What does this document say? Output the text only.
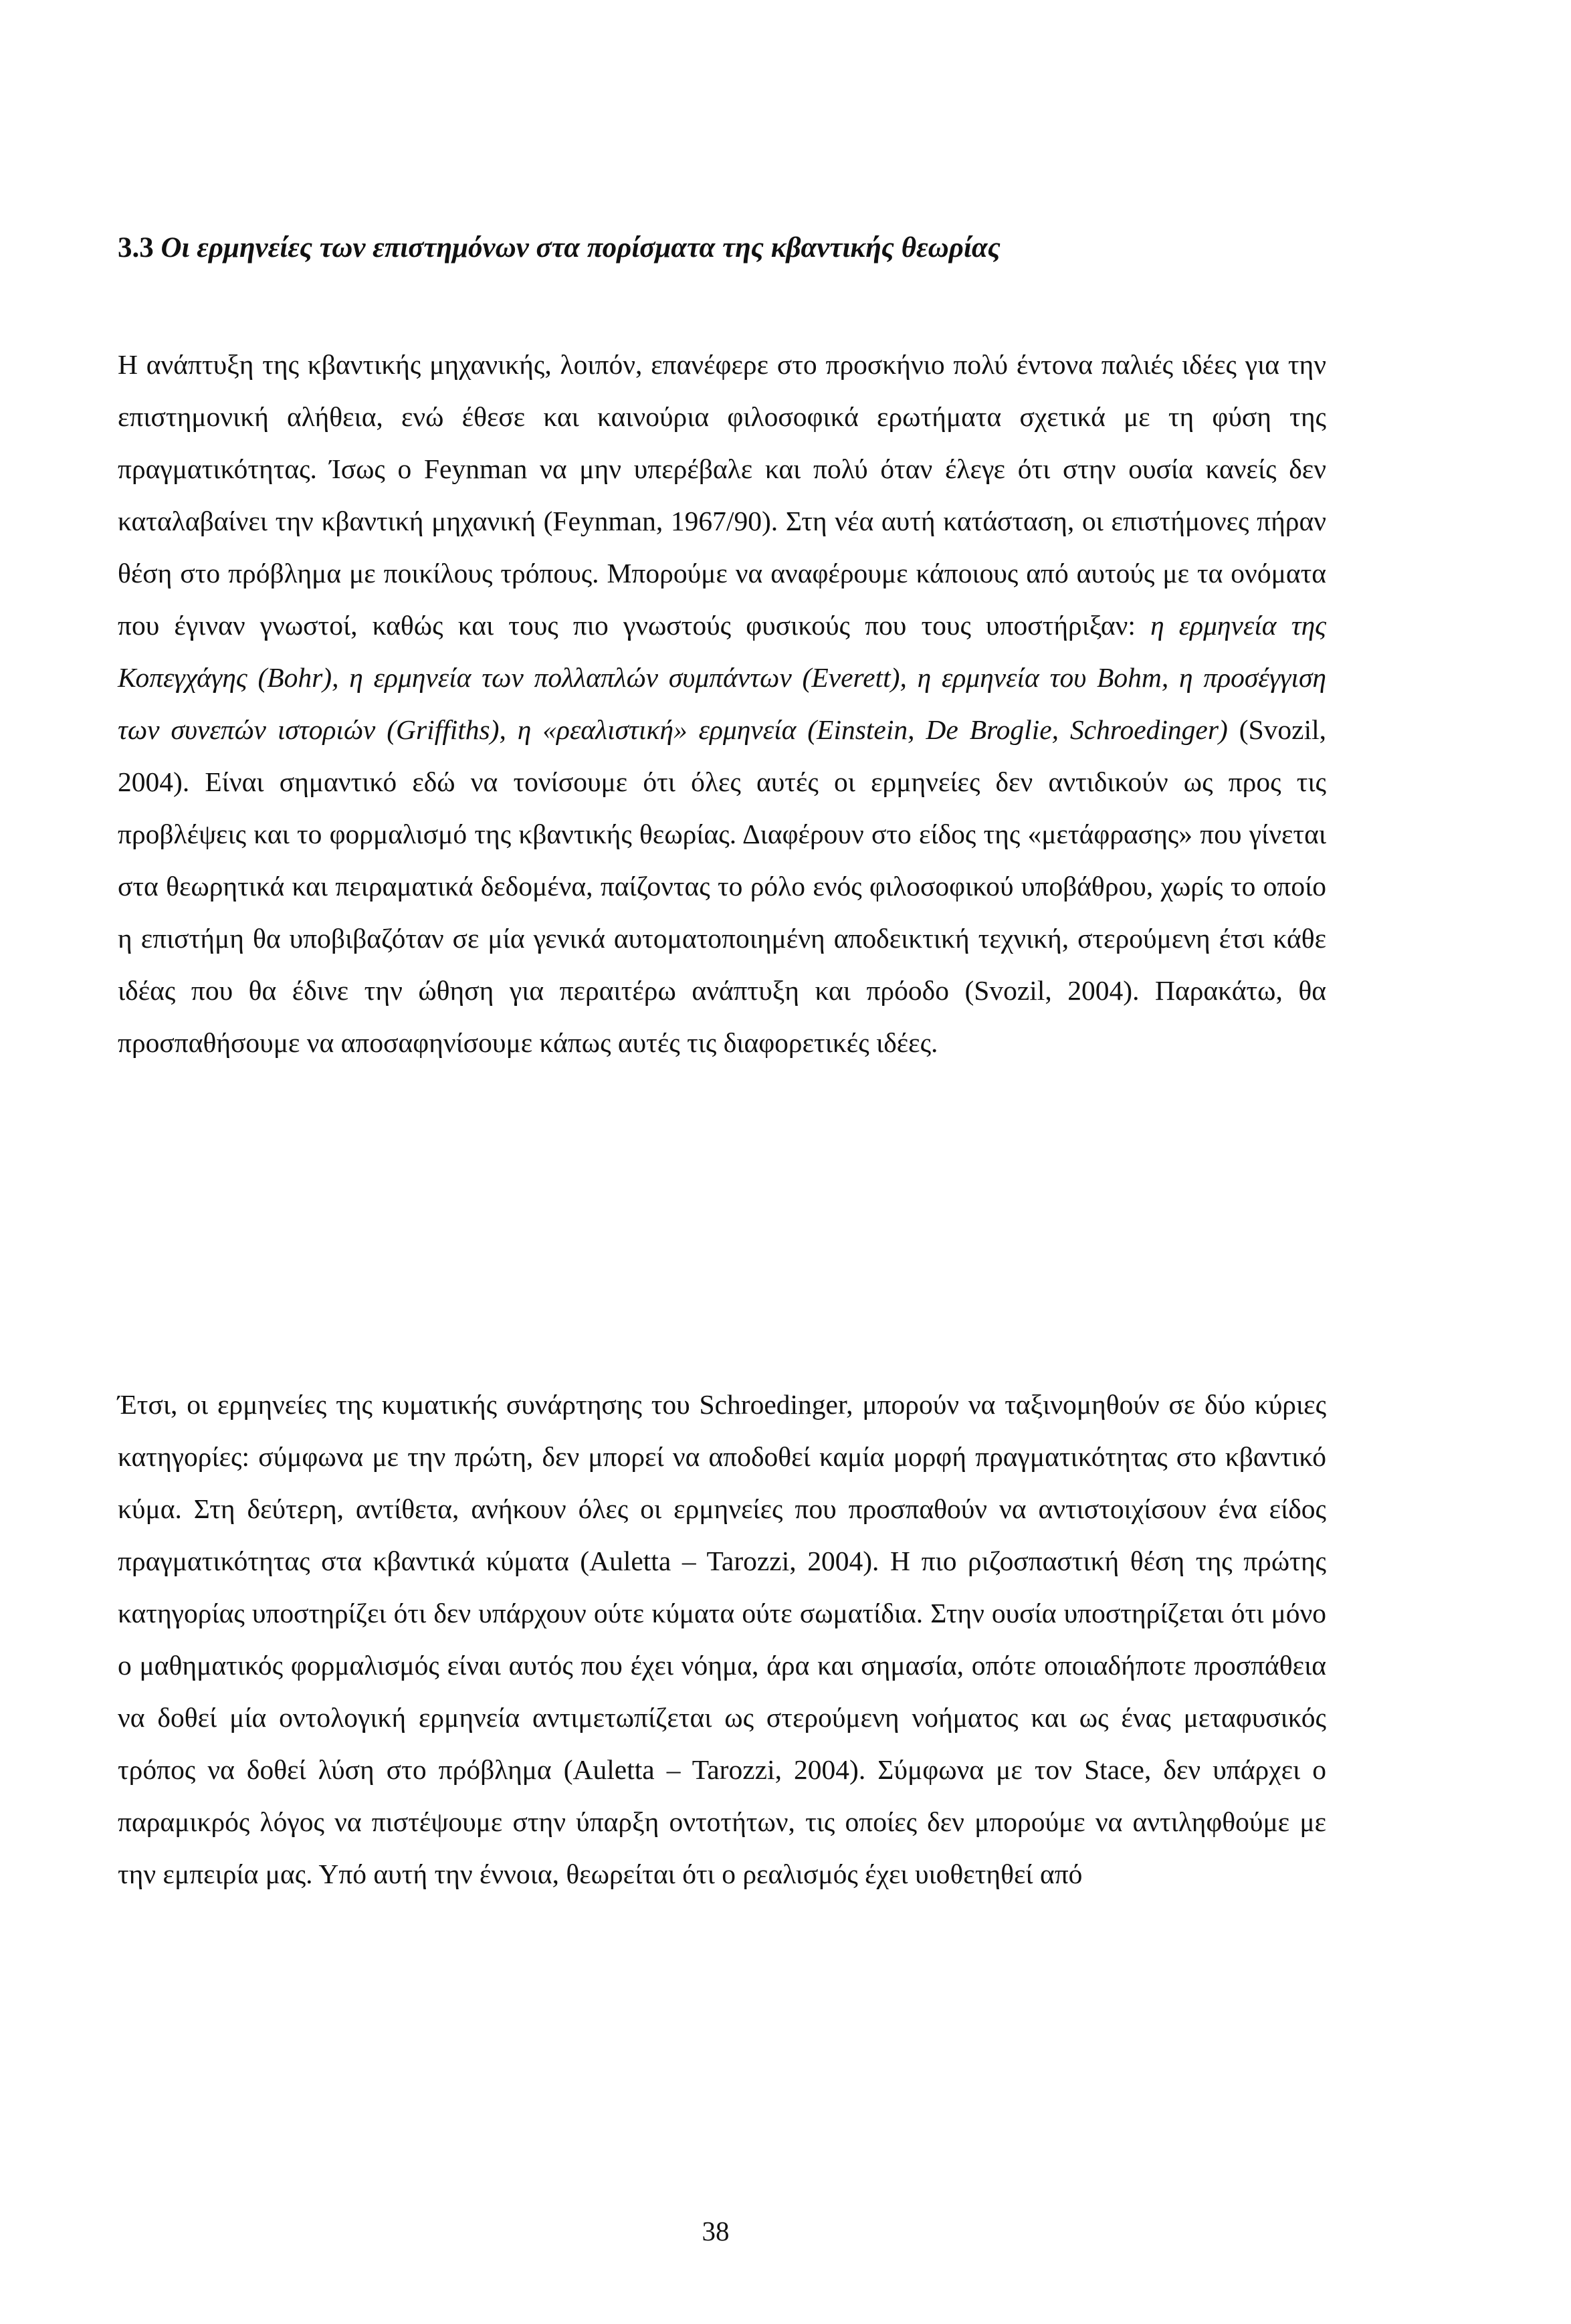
3.3 Οι ερμηνείες των επιστημόνων στα πορίσματα της κβαντικής θεωρίας

Η ανάπτυξη της κβαντικής μηχανικής, λοιπόν, επανέφερε στο προσκήνιο πολύ έντονα παλιές ιδέες για την επιστημονική αλήθεια, ενώ έθεσε και καινούρια φιλοσοφικά ερωτήματα σχετικά με τη φύση της πραγματικότητας. Ίσως ο Feynman να μην υπερέβαλε και πολύ όταν έλεγε ότι στην ουσία κανείς δεν καταλαβαίνει την κβαντική μηχανική (Feynman, 1967/90). Στη νέα αυτή κατάσταση, οι επιστήμονες πήραν θέση στο πρόβλημα με ποικίλους τρόπους. Μπορούμε να αναφέρουμε κάποιους από αυτούς με τα ονόματα που έγιναν γνωστοί, καθώς και τους πιο γνωστούς φυσικούς που τους υποστήριξαν: η ερμηνεία της Κοπεγχάγης (Bohr), η ερμηνεία των πολλαπλών συμπάντων (Everett), η ερμηνεία του Bohm, η προσέγγιση των συνεπών ιστοριών (Griffiths), η «ρεαλιστική» ερμηνεία (Einstein, De Broglie, Schroedinger) (Svozil, 2004). Είναι σημαντικό εδώ να τονίσουμε ότι όλες αυτές οι ερμηνείες δεν αντιδικούν ως προς τις προβλέψεις και το φορμαλισμό της κβαντικής θεωρίας. Διαφέρουν στο είδος της «μετάφρασης» που γίνεται στα θεωρητικά και πειραματικά δεδομένα, παίζοντας το ρόλο ενός φιλοσοφικού υποβάθρου, χωρίς το οποίο η επιστήμη θα υποβιβαζόταν σε μία γενικά αυτοματοποιημένη αποδεικτική τεχνική, στερούμενη έτσι κάθε ιδέας που θα έδινε την ώθηση για περαιτέρω ανάπτυξη και πρόοδο (Svozil, 2004). Παρακάτω, θα προσπαθήσουμε να αποσαφηνίσουμε κάπως αυτές τις διαφορετικές ιδέες.

Έτσι, οι ερμηνείες της κυματικής συνάρτησης του Schroedinger, μπορούν να ταξινομηθούν σε δύο κύριες κατηγορίες: σύμφωνα με την πρώτη, δεν μπορεί να αποδοθεί καμία μορφή πραγματικότητας στο κβαντικό κύμα. Στη δεύτερη, αντίθετα, ανήκουν όλες οι ερμηνείες που προσπαθούν να αντιστοιχίσουν ένα είδος πραγματικότητας στα κβαντικά κύματα (Auletta – Tarozzi, 2004). Η πιο ριζοσπαστική θέση της πρώτης κατηγορίας υποστηρίζει ότι δεν υπάρχουν ούτε κύματα ούτε σωματίδια. Στην ουσία υποστηρίζεται ότι μόνο ο μαθηματικός φορμαλισμός είναι αυτός που έχει νόημα, άρα και σημασία, οπότε οποιαδήποτε προσπάθεια να δοθεί μία οντολογική ερμηνεία αντιμετωπίζεται ως στερούμενη νοήματος και ως ένας μεταφυσικός τρόπος να δοθεί λύση στο πρόβλημα (Auletta – Tarozzi, 2004). Σύμφωνα με τον Stace, δεν υπάρχει ο παραμικρός λόγος να πιστέψουμε στην ύπαρξη οντοτήτων, τις οποίες δεν μπορούμε να αντιληφθούμε με την εμπειρία μας. Υπό αυτή την έννοια, θεωρείται ότι ο ρεαλισμός έχει υιοθετηθεί από

38
